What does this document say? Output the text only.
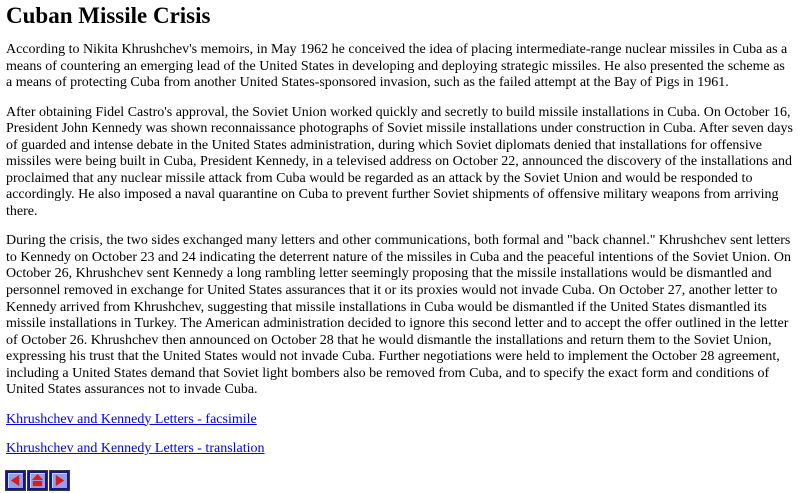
Cuban Missile Crisis

According to Nikita Khrushchev's memoirs, in May 1962 he conceived the idea of placing intermediate-range nuclear missiles in Cuba as a means of countering an emerging lead of the United States in developing and deploying strategic missiles. He also presented the scheme as a means of protecting Cuba from another United States-sponsored invasion, such as the failed attempt at the Bay of Pigs in 1961.

After obtaining Fidel Castro's approval, the Soviet Union worked quickly and secretly to build missile installations in Cuba. On October 16, President John Kennedy was shown reconnaissance photographs of Soviet missile installations under construction in Cuba. After seven days of guarded and intense debate in the United States administration, during which Soviet diplomats denied that installations for offensive missiles were being built in Cuba, President Kennedy, in a televised address on October 22, announced the discovery of the installations and proclaimed that any nuclear missile attack from Cuba would be regarded as an attack by the Soviet Union and would be responded to accordingly. He also imposed a naval quarantine on Cuba to prevent further Soviet shipments of offensive military weapons from arriving there.

During the crisis, the two sides exchanged many letters and other communications, both formal and "back channel." Khrushchev sent letters to Kennedy on October 23 and 24 indicating the deterrent nature of the missiles in Cuba and the peaceful intentions of the Soviet Union. On October 26, Khrushchev sent Kennedy a long rambling letter seemingly proposing that the missile installations would be dismantled and personnel removed in exchange for United States assurances that it or its proxies would not invade Cuba. On October 27, another letter to Kennedy arrived from Khrushchev, suggesting that missile installations in Cuba would be dismantled if the United States dismantled its missile installations in Turkey. The American administration decided to ignore this second letter and to accept the offer outlined in the letter of October 26. Khrushchev then announced on October 28 that he would dismantle the installations and return them to the Soviet Union, expressing his trust that the United States would not invade Cuba. Further negotiations were held to implement the October 28 agreement, including a United States demand that Soviet light bombers also be removed from Cuba, and to specify the exact form and conditions of United States assurances not to invade Cuba.

Khrushchev and Kennedy Letters - facsimile

Khrushchev and Kennedy Letters - translation
